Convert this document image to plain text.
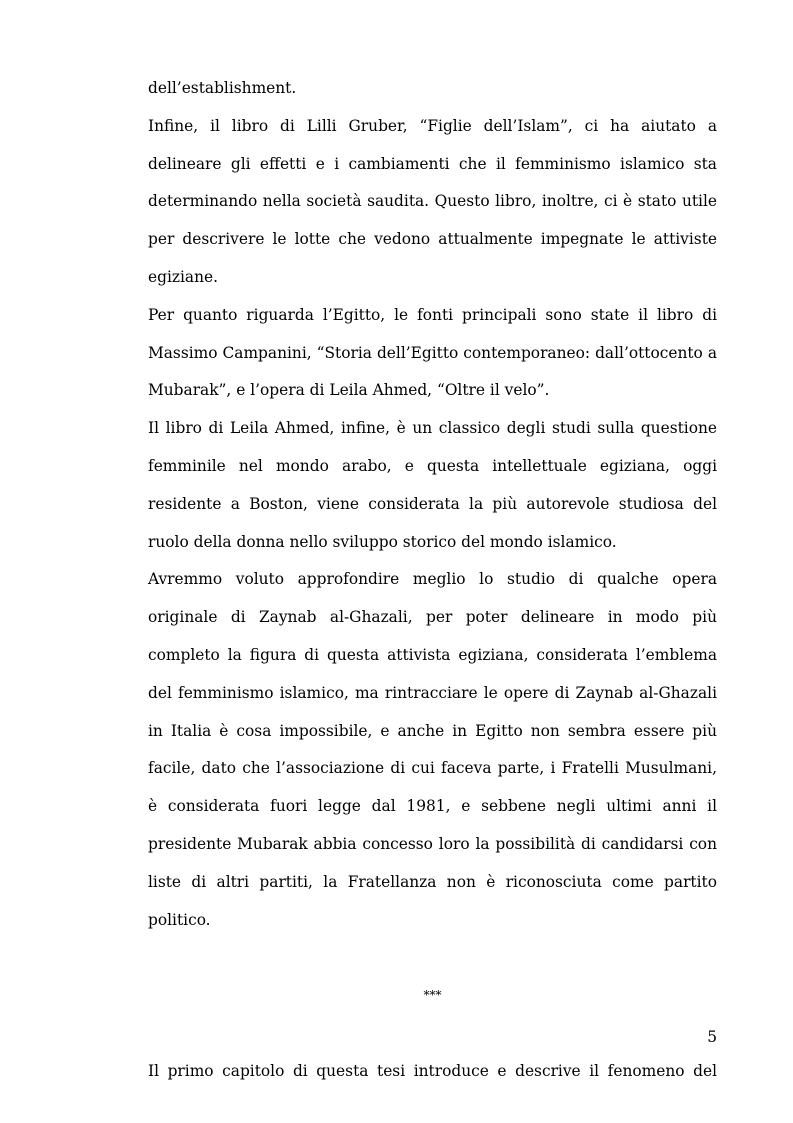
dell’establishment.

Infine, il libro di Lilli Gruber, “Figlie dell’Islam”, ci ha aiutato a delineare gli effetti e i cambiamenti che il femminismo islamico sta determinando nella società saudita. Questo libro, inoltre, ci è stato utile per descrivere le lotte che vedono attualmente impegnate le attiviste egiziane.

Per quanto riguarda l’Egitto, le fonti principali sono state il libro di Massimo Campanini, “Storia dell’Egitto contemporaneo: dall’ottocento a Mubarak”, e l’opera di Leila Ahmed, “Oltre il velo”.

Il libro di Leila Ahmed, infine, è un classico degli studi sulla questione femminile nel mondo arabo, e questa intellettuale egiziana, oggi residente a Boston, viene considerata la più autorevole studiosa del ruolo della donna nello sviluppo storico del mondo islamico.

Avremmo voluto approfondire meglio lo studio di qualche opera originale di Zaynab al-Ghazali, per poter delineare in modo più completo la figura di questa attivista egiziana, considerata l’emblema del femminismo islamico, ma rintracciare le opere di Zaynab al-Ghazali in Italia è cosa impossibile, e anche in Egitto non sembra essere più facile, dato che l’associazione di cui faceva parte, i Fratelli Musulmani, è considerata fuori legge dal 1981, e sebbene negli ultimi anni il presidente Mubarak abbia concesso loro la possibilità di candidarsi con liste di altri partiti, la Fratellanza non è riconosciuta come partito politico.

***

Il primo capitolo di questa tesi introduce e descrive il fenomeno del

5
